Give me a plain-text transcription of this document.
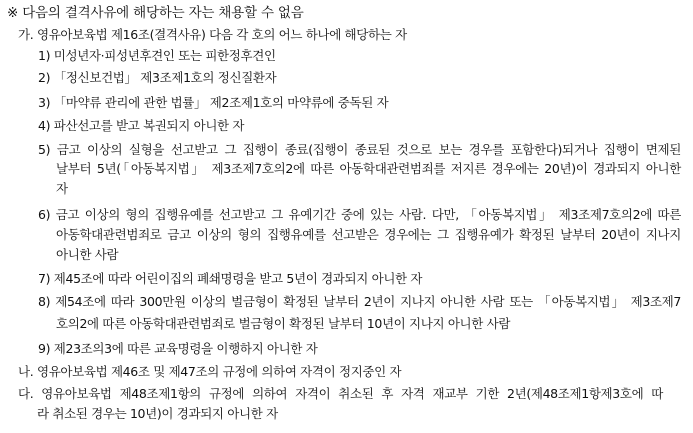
※ 다음의 결격사유에 해당하는 자는 채용할 수 없음
가. 영유아보육법 제16조(결격사유) 다음 각 호의 어느 하나에 해당하는 자
1) 미성년자·피성년후견인 또는 피한정후견인
2) 「정신보건법」 제3조제1호의 정신질환자
3) 「마약류 관리에 관한 법률」 제2조제1호의 마약류에 중독된 자
4) 파산선고를 받고 복권되지 아니한 자
5) 금고 이상의 실형을 선고받고 그 집행이 종료(집행이 종료된 것으로 보는 경우를 포함한다)되거나 집행이 면제된
날부터 5년(「아동복지법」 제3조제7호의2에 따른 아동학대관련범죄를 저지른 경우에는 20년)이 경과되지 아니한
자
6) 금고 이상의 형의 집행유예를 선고받고 그 유예기간 중에 있는 사람. 다만, 「아동복지법」 제3조제7호의2에 따른
아동학대관련범죄로 금고 이상의 형의 집행유예를 선고받은 경우에는 그 집행유예가 확정된 날부터 20년이 지나지
아니한 사람
7) 제45조에 따라 어린이집의 폐쇄명령을 받고 5년이 경과되지 아니한 자
8) 제54조에 따라 300만원 이상의 벌금형이 확정된 날부터 2년이 지나지 아니한 사람 또는 「아동복지법」 제3조제7
호의2에 따른 아동학대관련범죄로 벌금형이 확정된 날부터 10년이 지나지 아니한 사람
9) 제23조의3에 따른 교육명령을 이행하지 아니한 자
나. 영유아보육법 제46조 및 제47조의 규정에 의하여 자격이 정지중인 자
다. 영유아보육법 제48조제1항의 규정에 의하여 자격이 취소된 후 자격 재교부 기한 2년(제48조제1항제3호에 따
라 취소된 경우는 10년)이 경과되지 아니한 자
